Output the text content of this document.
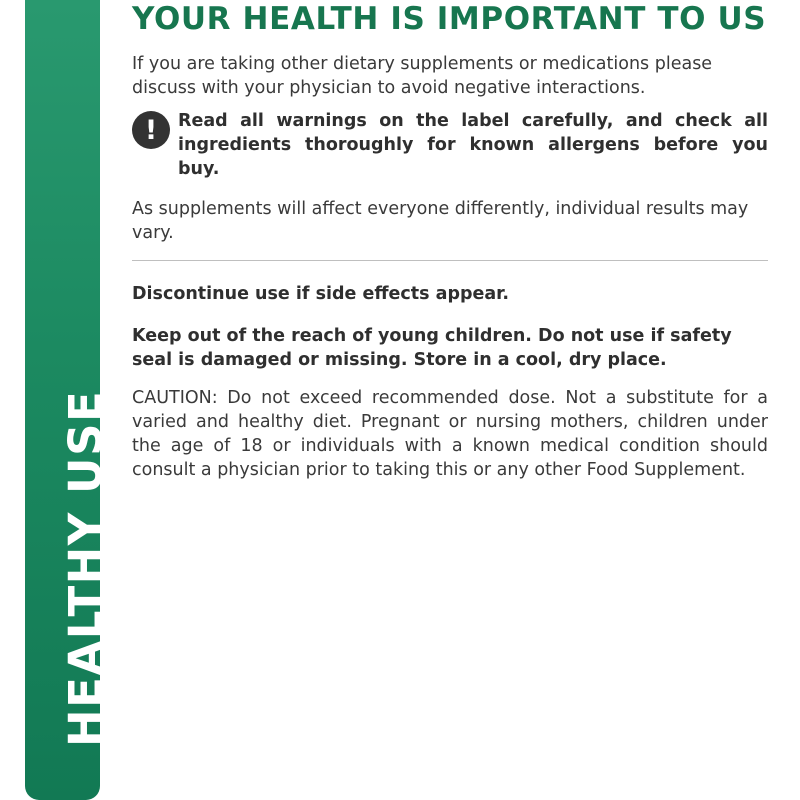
HEALTHY USE
YOUR HEALTH IS IMPORTANT TO US

If you are taking other dietary supplements or medications please discuss with your physician to avoid negative interactions.

!	Read all warnings on the label carefully, and check all ingredients thoroughly for known allergens before you buy.

As supplements will affect everyone differently, individual results may vary.

Discontinue use if side effects appear.

Keep out of the reach of young children. Do not use if safety seal is damaged or missing. Store in a cool, dry place.

CAUTION: Do not exceed recommended dose. Not a substitute for a varied and healthy diet. Pregnant or nursing mothers, children under the age of 18 or individuals with a known medical condition should consult a physician prior to taking this or any other Food Supplement.
